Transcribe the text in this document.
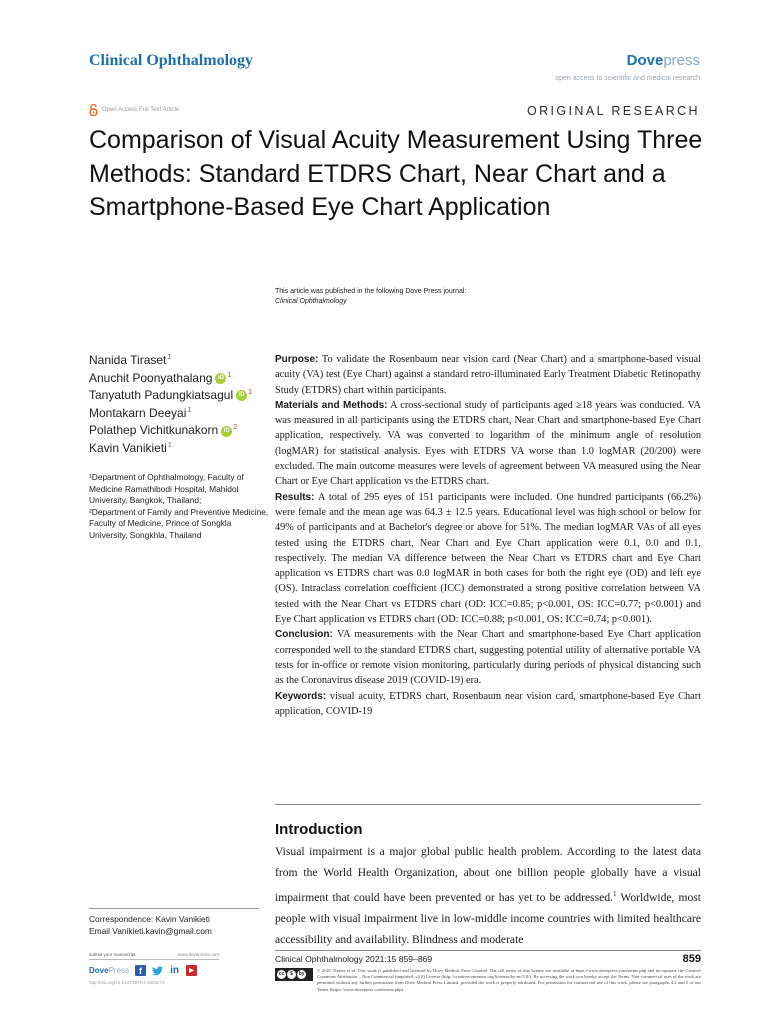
Clinical Ophthalmology	Dovepress
open access to scientific and medical research
Open Access Full Text Article	ORIGINAL RESEARCH
Comparison of Visual Acuity Measurement Using Three Methods: Standard ETDRS Chart, Near Chart and a Smartphone-Based Eye Chart Application
This article was published in the following Dove Press journal:
Clinical Ophthalmology
Nanida Tiraset$^1$
Anuchit Poonyathalang iD $^1$
Tanyatuth Padungkiatsagul iD $^1$
Montakarn Deeyai$^1$
Polathep Vichitkunakorn iD $^2$
Kavin Vanikieti$^1$
¹Department of Ophthalmology, Faculty of Medicine Ramathibodi Hospital, Mahidol University, Bangkok, Thailand;
²Department of Family and Preventive Medicine, Faculty of Medicine, Prince of Songkla University, Songkhla, Thailand
Correspondence: Kavin Vanikieti
Email Vanikieti.kavin@gmail.com

Purpose: To validate the Rosenbaum near vision card (Near Chart) and a smartphone-based visual acuity (VA) test (Eye Chart) against a standard retro-illuminated Early Treatment Diabetic Retinopathy Study (ETDRS) chart within participants.

Materials and Methods: A cross-sectional study of participants aged ≥18 years was conducted. VA was measured in all participants using the ETDRS chart, Near Chart and smartphone-based Eye Chart application, respectively. VA was converted to logarithm of the minimum angle of resolution (logMAR) for statistical analysis. Eyes with ETDRS VA worse than 1.0 logMAR (20/200) were excluded. The main outcome measures were levels of agreement between VA measured using the Near Chart or Eye Chart application vs the ETDRS chart.

Results: A total of 295 eyes of 151 participants were included. One hundred participants (66.2%) were female and the mean age was 64.3 ± 12.5 years. Educational level was high school or below for 49% of participants and at Bachelor's degree or above for 51%. The median logMAR VAs of all eyes tested using the ETDRS chart, Near Chart and Eye Chart application were 0.1, 0.0 and 0.1, respectively. The median VA difference between the Near Chart vs ETDRS chart and Eye Chart application vs ETDRS chart was 0.0 logMAR in both cases for both the right eye (OD) and left eye (OS). Intraclass correlation coefficient (ICC) demonstrated a strong positive correlation between VA tested with the Near Chart vs ETDRS chart (OD: ICC=0.85; p<0.001, OS: ICC=0.77; p<0.001) and Eye Chart application vs ETDRS chart (OD: ICC=0.88; p<0.001, OS: ICC=0.74; p<0.001).

Conclusion: VA measurements with the Near Chart and smartphone-based Eye Chart application corresponded well to the standard ETDRS chart, suggesting potential utility of alternative portable VA tests for in-office or remote vision monitoring, particularly during periods of physical distancing such as the Coronavirus disease 2019 (COVID-19) era.

Keywords: visual acuity, ETDRS chart, Rosenbaum near vision card, smartphone-based Eye Chart application, COVID-19

Introduction
Visual impairment is a major global public health problem. According to the latest data from the World Health Organization, about one billion people globally have a visual impairment that could have been prevented or has yet to be addressed.$^1$ Worldwide, most people with visual impairment live in low-middle income countries with limited healthcare accessibility and availability. Blindness and moderate
submit your manuscript	www.dovepress.com
DovePress	f	in	▶
http://doi.org/10.2147/OPTH.S304272
Clinical Ophthalmology 2021:15 859–869	859
cc	$	by
© 2021 Tiraset et al. This work is published and licensed by Dove Medical Press Limited. The full terms of this license are available at https://www.dovepress.com/terms.php and incorporate the Creative Commons Attribution – Non Commercial (unported, v3.0) License (http://creativecommons.org/licenses/by-nc/3.0/). By accessing the work you hereby accept the Terms. Non-commercial uses of the work are permitted without any further permission from Dove Medical Press Limited, provided the work is properly attributed. For permission for commercial use of this work, please see paragraphs 4.2 and 5 of our Terms (https://www.dovepress.com/terms.php).
